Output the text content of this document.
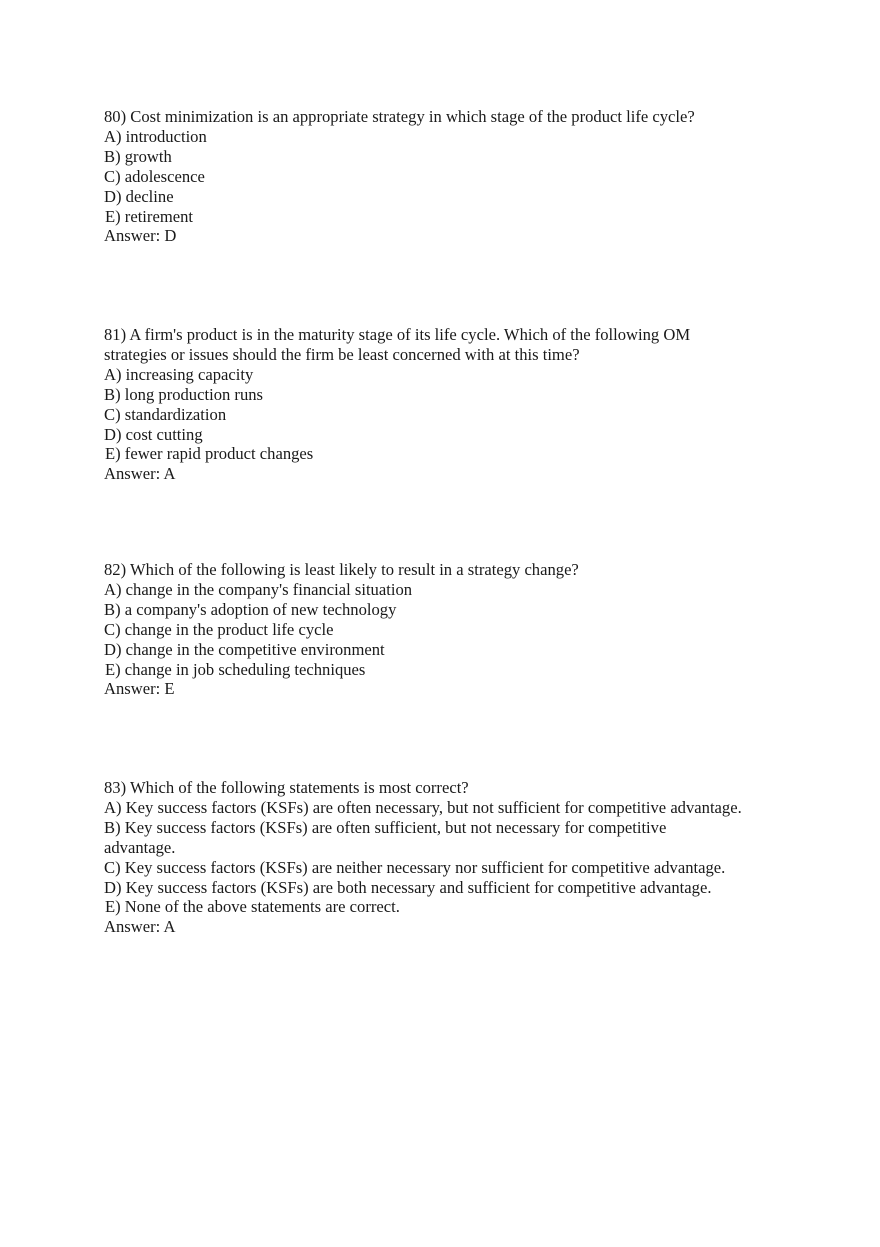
80) Cost minimization is an appropriate strategy in which stage of the product life cycle?
A) introduction
B) growth
C) adolescence
D) decline
E) retirement
Answer: D
81) A firm's product is in the maturity stage of its life cycle. Which of the following OM
strategies or issues should the firm be least concerned with at this time?
A) increasing capacity
B) long production runs
C) standardization
D) cost cutting
E) fewer rapid product changes
Answer: A
82) Which of the following is least likely to result in a strategy change?
A) change in the company's financial situation
B) a company's adoption of new technology
C) change in the product life cycle
D) change in the competitive environment
E) change in job scheduling techniques
Answer: E
83) Which of the following statements is most correct?
A) Key success factors (KSFs) are often necessary, but not sufficient for competitive advantage.
B) Key success factors (KSFs) are often sufficient, but not necessary for competitive
advantage.
C) Key success factors (KSFs) are neither necessary nor sufficient for competitive advantage.
D) Key success factors (KSFs) are both necessary and sufficient for competitive advantage.
E) None of the above statements are correct.
Answer: A
